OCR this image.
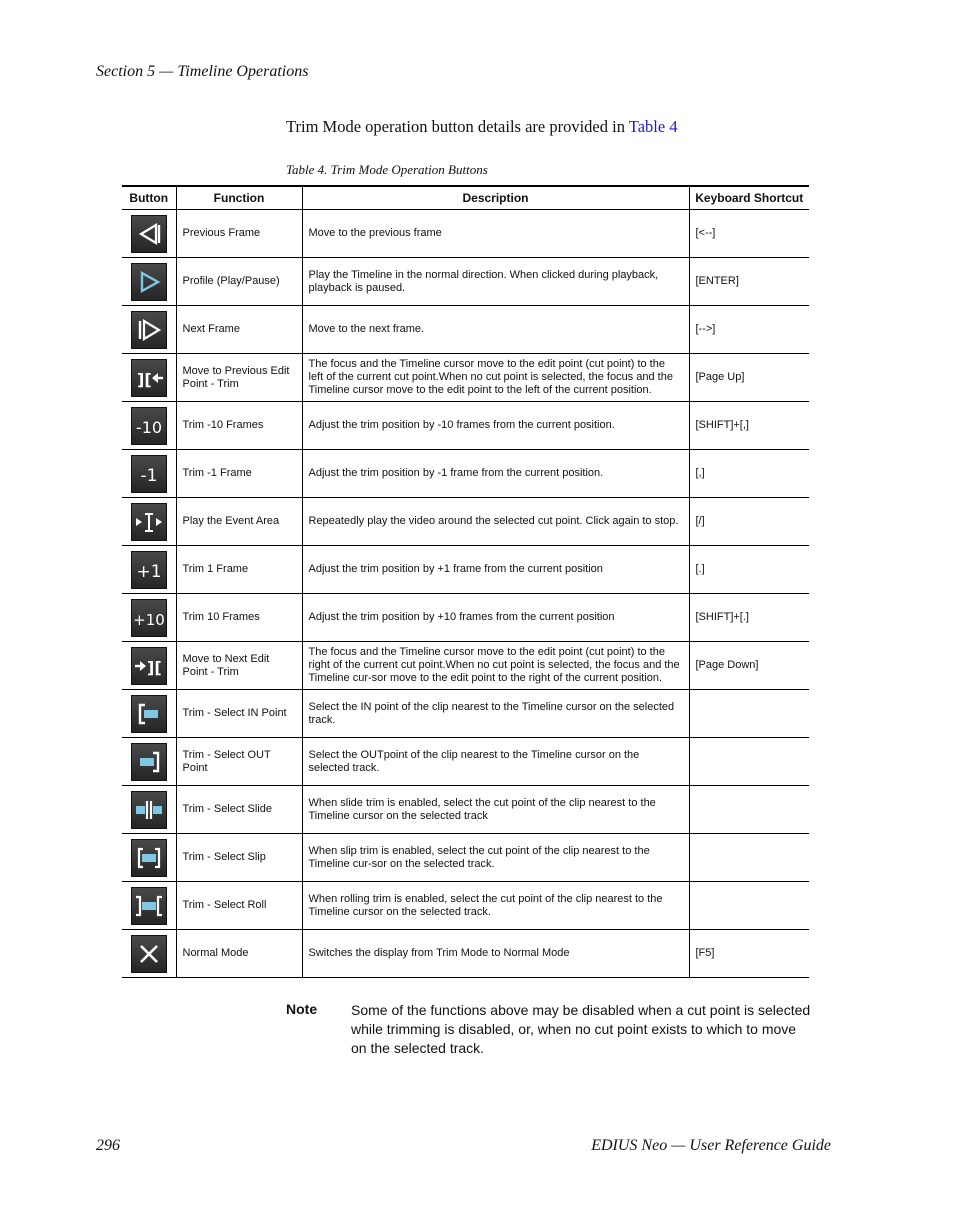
Section 5 — Timeline Operations
Trim Mode operation button details are provided in Table 4
Table 4. Trim Mode Operation Buttons
Button	Function	Description	Keyboard Shortcut

	Previous Frame	Move to the previous frame	[<--]

	Profile (Play/Pause)	Play the Timeline in the normal direction. When clicked during playback, playback is paused.	[ENTER]

	Next Frame	Move to the next frame.	[-->]

][	Move to Previous Edit Point - Trim	The focus and the Timeline cursor move to the edit point (cut point) to the left of the current cut point.When no cut point is selected, the focus and the Timeline cursor move to the edit point to the left of the current position.	[Page Up]

-10	Trim -10 Frames	Adjust the trim position by -10 frames from the current position.	[SHIFT]+[,]

-1	Trim -1 Frame	Adjust the trim position by -1 frame from the current position.	[,]

	Play the Event Area	Repeatedly play the video around the selected cut point. Click again to stop.	[/]

+1	Trim 1 Frame	Adjust the trim position by +1 frame from the current position	[.]

+10	Trim 10 Frames	Adjust the trim position by +10 frames from the current position	[SHIFT]+[.]

][	Move to Next Edit Point - Trim	The focus and the Timeline cursor move to the edit point (cut point) to the right of the current cut point.When no cut point is selected, the focus and the Timeline cur-sor move to the edit point to the right of the current position.	[Page Down]

	Trim - Select IN Point	Select the IN point of the clip nearest to the Timeline cursor on the selected track.	

	Trim - Select OUT Point	Select the OUTpoint of the clip nearest to the Timeline cursor on the selected track.	

	Trim - Select Slide	When slide trim is enabled, select the cut point of the clip nearest to the Timeline cursor on the selected track	

	Trim - Select Slip	When slip trim is enabled, select the cut point of the clip nearest to the Timeline cur-sor on the selected track.	

	Trim - Select Roll	When rolling trim is enabled, select the cut point of the clip nearest to the Timeline cursor on the selected track.	

	Normal Mode	Switches the display from Trim Mode to Normal Mode	[F5]
Note Some of the functions above may be disabled when a cut point is selected while trimming is disabled, or, when no cut point exists to which to move on the selected track.
296	EDIUS Neo — User Reference Guide
